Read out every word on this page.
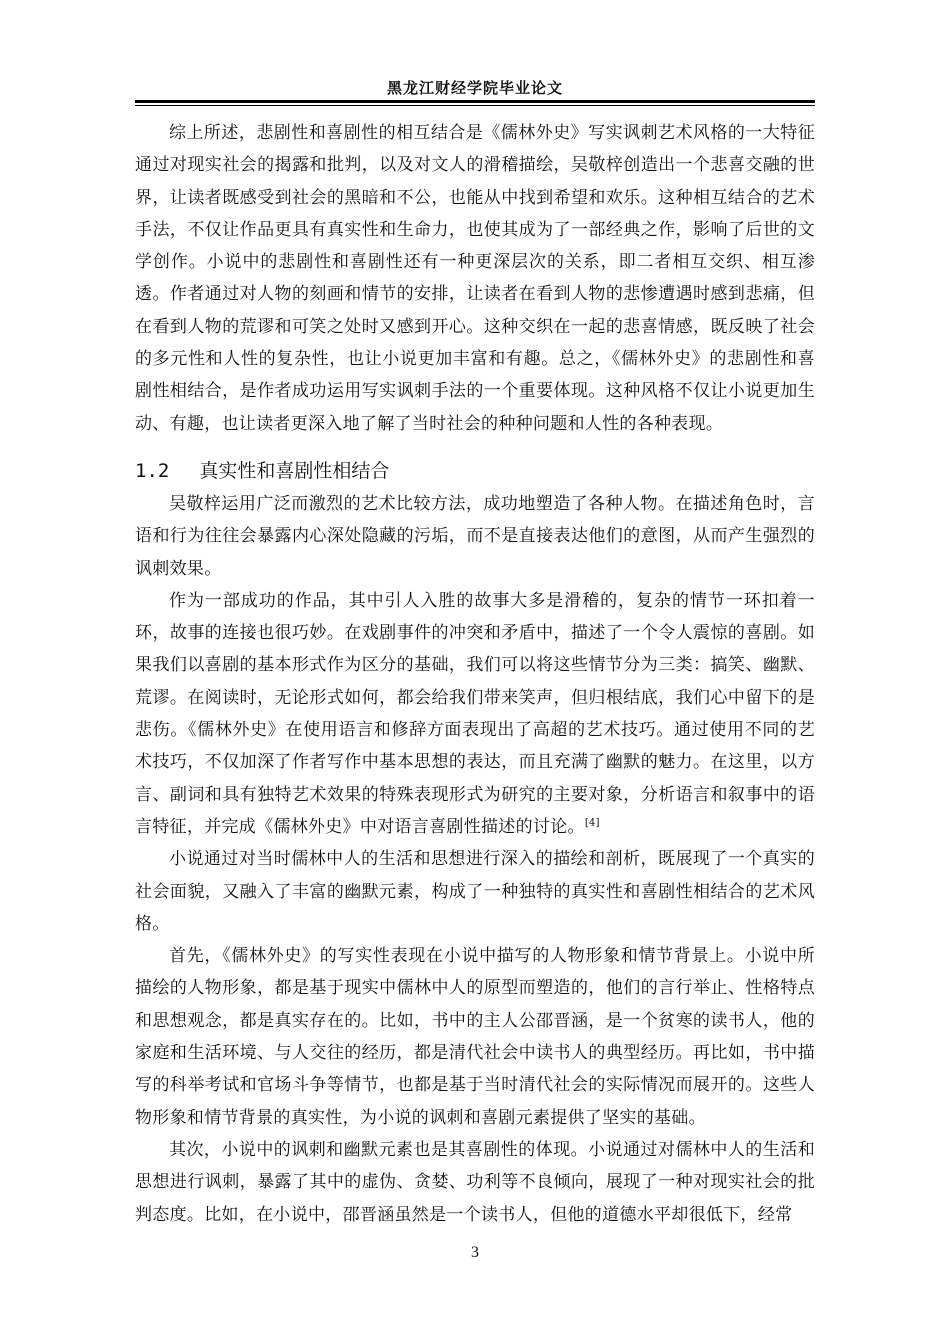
黑龙江财经学院毕业论文

综上所述，悲剧性和喜剧性的相互结合是《儒林外史》写实讽刺艺术风格的一大特征通过对现实社会的揭露和批判，以及对文人的滑稽描绘，吴敬梓创造出一个悲喜交融的世界，让读者既感受到社会的黑暗和不公，也能从中找到希望和欢乐。这种相互结合的艺术手法，不仅让作品更具有真实性和生命力，也使其成为了一部经典之作，影响了后世的文学创作。小说中的悲剧性和喜剧性还有一种更深层次的关系，即二者相互交织、相互渗透。作者通过对人物的刻画和情节的安排，让读者在看到人物的悲惨遭遇时感到悲痛，但在看到人物的荒谬和可笑之处时又感到开心。这种交织在一起的悲喜情感，既反映了社会的多元性和人性的复杂性，也让小说更加丰富和有趣。总之，《儒林外史》的悲剧性和喜剧性相结合，是作者成功运用写实讽刺手法的一个重要体现。这种风格不仅让小说更加生动、有趣，也让读者更深入地了解了当时社会的种种问题和人性的各种表现。

1.2 真实性和喜剧性相结合

吴敬梓运用广泛而激烈的艺术比较方法，成功地塑造了各种人物。在描述角色时，言语和行为往往会暴露内心深处隐藏的污垢，而不是直接表达他们的意图，从而产生强烈的讽刺效果。

作为一部成功的作品，其中引人入胜的故事大多是滑稽的，复杂的情节一环扣着一环，故事的连接也很巧妙。在戏剧事件的冲突和矛盾中，描述了一个令人震惊的喜剧。如果我们以喜剧的基本形式作为区分的基础，我们可以将这些情节分为三类：搞笑、幽默、荒谬。在阅读时，无论形式如何，都会给我们带来笑声，但归根结底，我们心中留下的是悲伤。《儒林外史》在使用语言和修辞方面表现出了高超的艺术技巧。通过使用不同的艺术技巧，不仅加深了作者写作中基本思想的表达，而且充满了幽默的魅力。在这里，以方言、副词和具有独特艺术效果的特殊表现形式为研究的主要对象，分析语言和叙事中的语言特征，并完成《儒林外史》中对语言喜剧性描述的讨论。[4]

小说通过对当时儒林中人的生活和思想进行深入的描绘和剖析，既展现了一个真实的社会面貌，又融入了丰富的幽默元素，构成了一种独特的真实性和喜剧性相结合的艺术风格。

首先，《儒林外史》的写实性表现在小说中描写的人物形象和情节背景上。小说中所描绘的人物形象，都是基于现实中儒林中人的原型而塑造的，他们的言行举止、性格特点和思想观念，都是真实存在的。比如，书中的主人公邵晋涵，是一个贫寒的读书人，他的家庭和生活环境、与人交往的经历，都是清代社会中读书人的典型经历。再比如，书中描写的科举考试和官场斗争等情节，也都是基于当时清代社会的实际情况而展开的。这些人物形象和情节背景的真实性，为小说的讽刺和喜剧元素提供了坚实的基础。

其次，小说中的讽刺和幽默元素也是其喜剧性的体现。小说通过对儒林中人的生活和思想进行讽刺，暴露了其中的虚伪、贪婪、功利等不良倾向，展现了一种对现实社会的批判态度。比如，在小说中，邵晋涵虽然是一个读书人，但他的道德水平却很低下，经常

3
